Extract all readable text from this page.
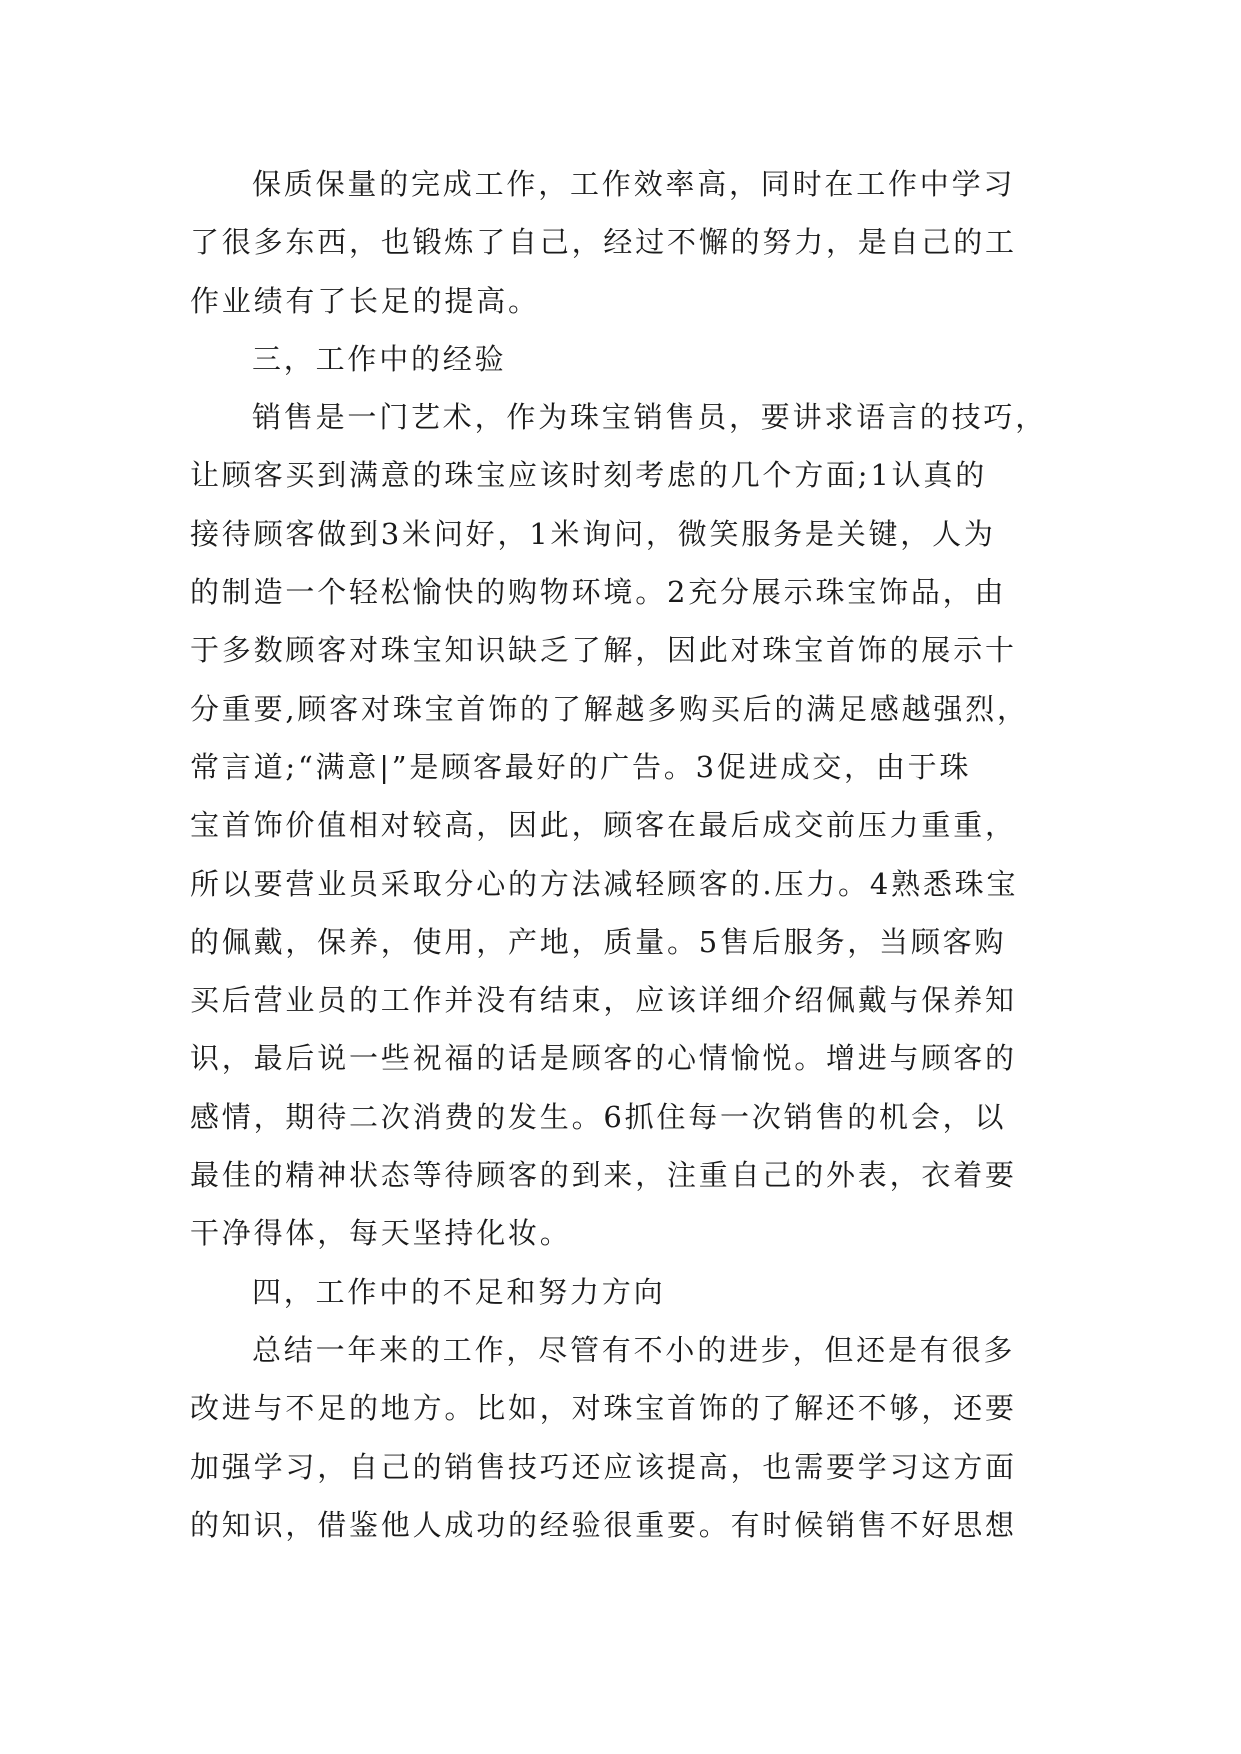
保质保量的完成工作，工作效率高，同时在工作中学习
了很多东西，也锻炼了自己，经过不懈的努力，是自己的工
作业绩有了长足的提高。
三，工作中的经验
销售是一门艺术，作为珠宝销售员，要讲求语言的技巧，
让顾客买到满意的珠宝应该时刻考虑的几个方面;1认真的
接待顾客做到3米问好，1米询问，微笑服务是关键，人为
的制造一个轻松愉快的购物环境。2充分展示珠宝饰品，由
于多数顾客对珠宝知识缺乏了解，因此对珠宝首饰的展示十
分重要,顾客对珠宝首饰的了解越多购买后的满足感越强烈，
常言道;“满意|”是顾客最好的广告。3促进成交，由于珠
宝首饰价值相对较高，因此，顾客在最后成交前压力重重，
所以要营业员采取分心的方法减轻顾客的.压力。4熟悉珠宝
的佩戴，保养，使用，产地，质量。5售后服务，当顾客购
买后营业员的工作并没有结束，应该详细介绍佩戴与保养知
识，最后说一些祝福的话是顾客的心情愉悦。增进与顾客的
感情，期待二次消费的发生。6抓住每一次销售的机会，以
最佳的精神状态等待顾客的到来，注重自己的外表，衣着要
干净得体，每天坚持化妆。
四，工作中的不足和努力方向
总结一年来的工作，尽管有不小的进步，但还是有很多
改进与不足的地方。比如，对珠宝首饰的了解还不够，还要
加强学习，自己的销售技巧还应该提高，也需要学习这方面
的知识，借鉴他人成功的经验很重要。有时候销售不好思想
